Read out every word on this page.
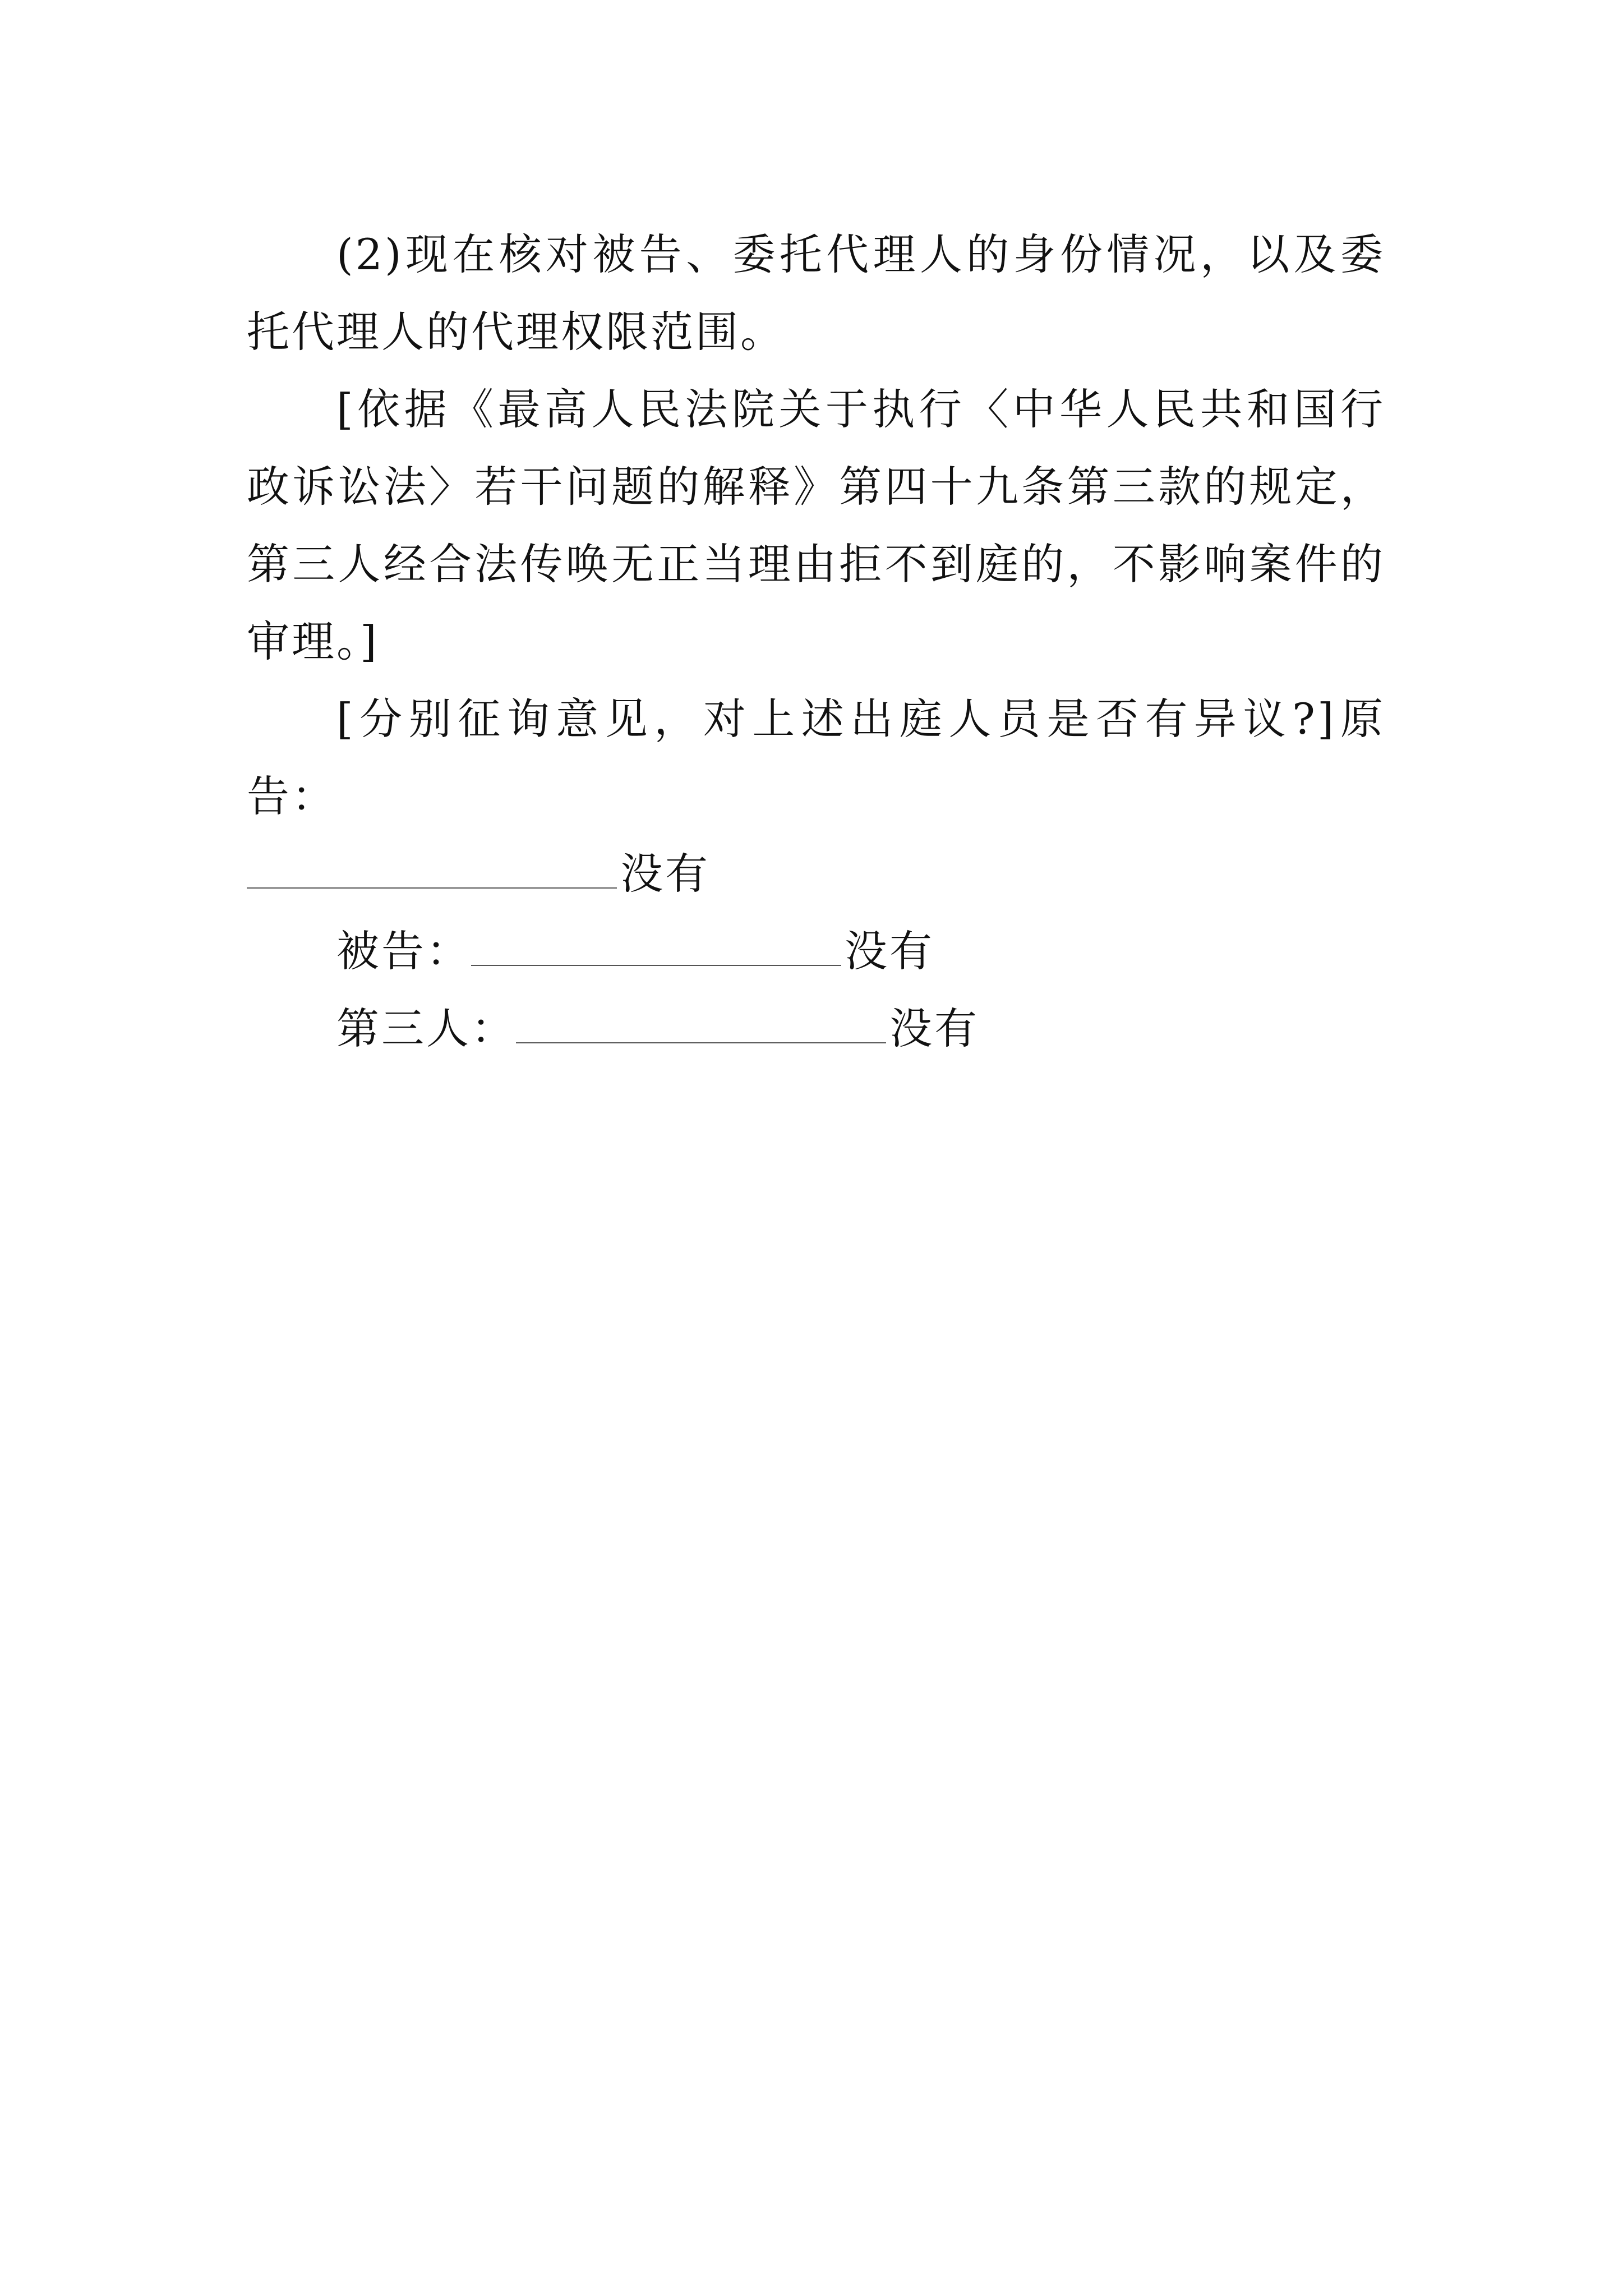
(2)现在核对被告、委托代理人的身份情况，以及委托代理人的代理权限范围。

[依据《最高人民法院关于执行〈中华人民共和国行政诉讼法〉若干问题的解释》第四十九条第三款的规定，第三人经合法传唤无正当理由拒不到庭的，不影响案件的审理。]

[分别征询意见，对上述出庭人员是否有异议?]原告：

没有

被告：	没有

第三人：	没有
